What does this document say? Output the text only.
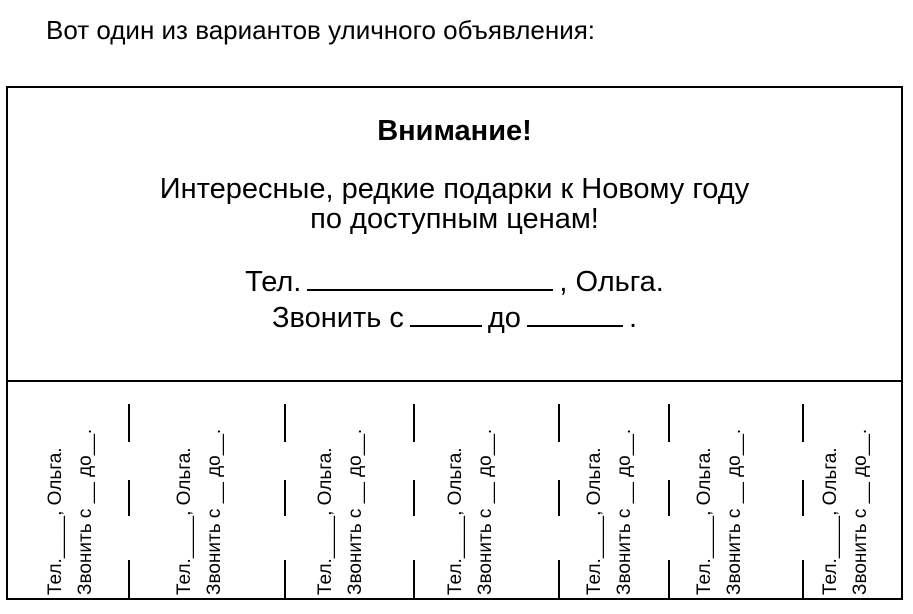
Вот один из вариантов уличного объявления:
Внимание!
Интересные, редкие подарки к Новому году
по доступным ценам!
Тел.	, Ольга.
Звонить с	до	.
Тел.____, Ольга. Звонить с __ до__.	Тел.____, Ольга. Звонить с __ до__.	Тел.____, Ольга. Звонить с __ до__.	Тел.____, Ольга. Звонить с __ до__.	Тел.____, Ольга. Звонить с __ до__.	Тел.____, Ольга. Звонить с __ до__.	Тел.____, Ольга. Звонить с __ до__.
